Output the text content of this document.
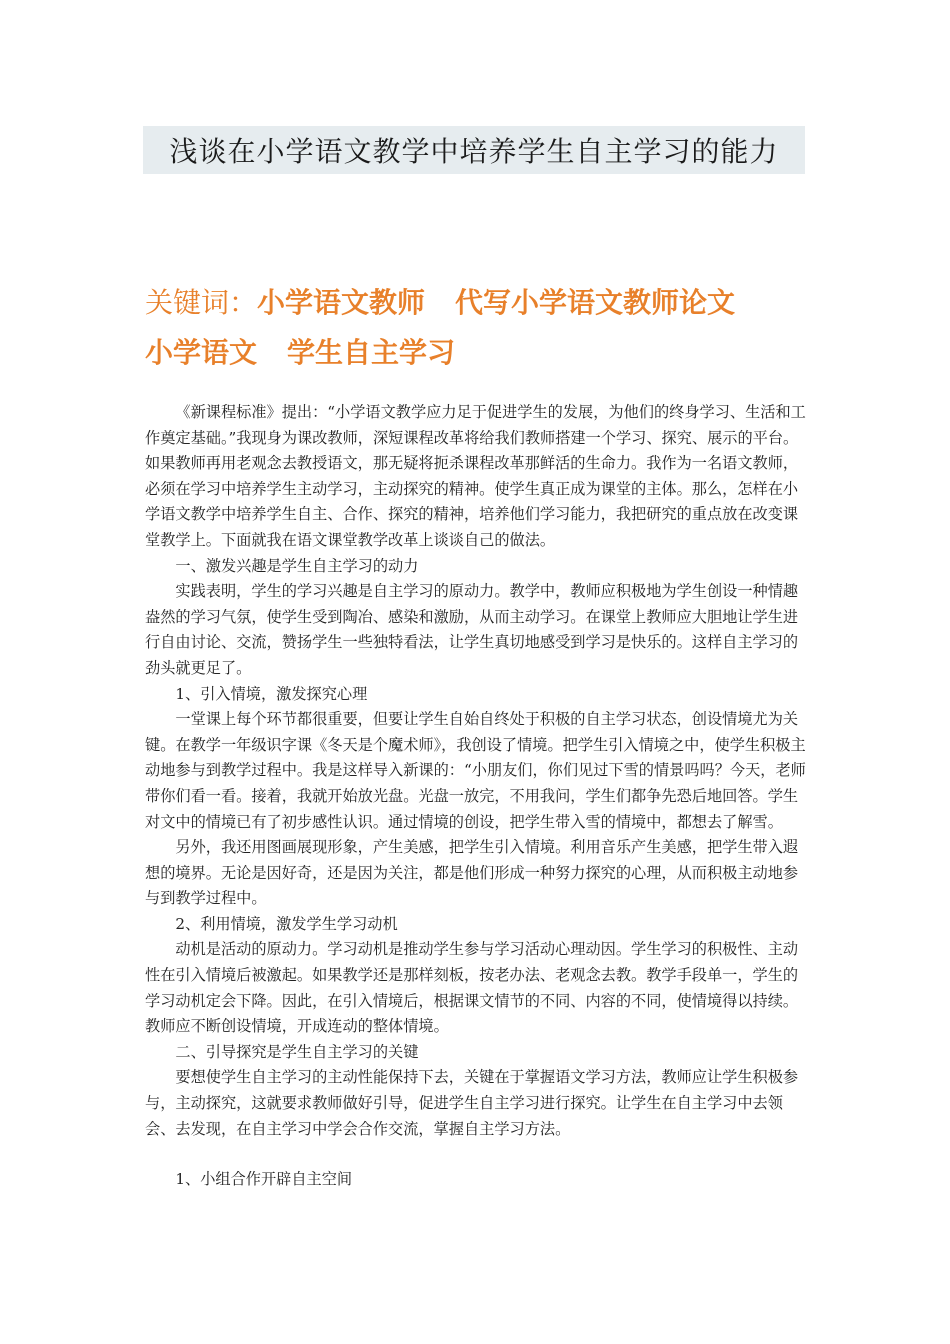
浅谈在小学语文教学中培养学生自主学习的能力
关键词：小学语文教师 代写小学语文教师论文
小学语文 学生自主学习

《新课程标准》提出：“小学语文教学应力足于促进学生的发展，为他们的终身学习、生活和工作奠定基础。”我现身为课改教师，深短课程改革将给我们教师搭建一个学习、探究、展示的平台。如果教师再用老观念去教授语文，那无疑将扼杀课程改革那鲜活的生命力。我作为一名语文教师，必须在学习中培养学生主动学习，主动探究的精神。使学生真正成为课堂的主体。那么，怎样在小学语文教学中培养学生自主、合作、探究的精神，培养他们学习能力，我把研究的重点放在改变课堂教学上。下面就我在语文课堂教学改革上谈谈自己的做法。

一、激发兴趣是学生自主学习的动力

实践表明，学生的学习兴趣是自主学习的原动力。教学中，教师应积极地为学生创设一种情趣盎然的学习气氛，使学生受到陶冶、感染和激励，从而主动学习。在课堂上教师应大胆地让学生进行自由讨论、交流，赞扬学生一些独特看法，让学生真切地感受到学习是快乐的。这样自主学习的劲头就更足了。

1、引入情境，激发探究心理

一堂课上每个环节都很重要，但要让学生自始自终处于积极的自主学习状态，创设情境尤为关键。在教学一年级识字课《冬天是个魔术师》，我创设了情境。把学生引入情境之中，使学生积极主动地参与到教学过程中。我是这样导入新课的：“小朋友们，你们见过下雪的情景吗吗？今天，老师带你们看一看。接着，我就开始放光盘。光盘一放完，不用我问，学生们都争先恐后地回答。学生对文中的情境已有了初步感性认识。通过情境的创设，把学生带入雪的情境中，都想去了解雪。

另外，我还用图画展现形象，产生美感，把学生引入情境。利用音乐产生美感，把学生带入遐想的境界。无论是因好奇，还是因为关注，都是他们形成一种努力探究的心理，从而积极主动地参与到教学过程中。

2、利用情境，激发学生学习动机

动机是活动的原动力。学习动机是推动学生参与学习活动心理动因。学生学习的积极性、主动性在引入情境后被激起。如果教学还是那样刻板，按老办法、老观念去教。教学手段单一，学生的学习动机定会下降。因此，在引入情境后，根据课文情节的不同、内容的不同，使情境得以持续。教师应不断创设情境，开成连动的整体情境。

二、引导探究是学生自主学习的关键

要想使学生自主学习的主动性能保持下去，关键在于掌握语文学习方法，教师应让学生积极参与，主动探究，这就要求教师做好引导，促进学生自主学习进行探究。让学生在自主学习中去领会、去发现，在自主学习中学会合作交流，掌握自主学习方法。

1、小组合作开辟自主空间
